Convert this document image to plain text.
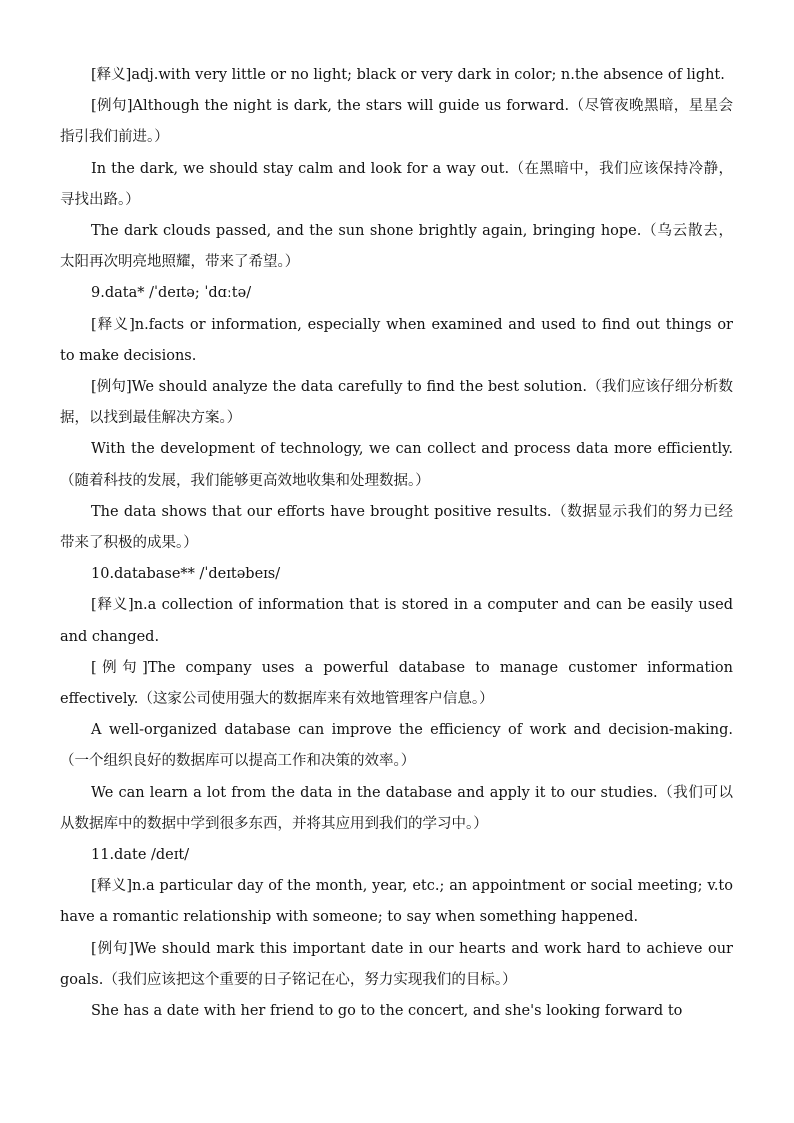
[释义]adj.with very little or no light; black or very dark in color; n.the absence of light.

[例句]Although the night is dark, the stars will guide us forward.（尽管夜晚黑暗，星星会指引我们前进。）

In the dark, we should stay calm and look for a way out.（在黑暗中，我们应该保持冷静，寻找出路。）

The dark clouds passed, and the sun shone brightly again, bringing hope.（乌云散去，太阳再次明亮地照耀，带来了希望。）

9.data* /ˈdeɪtə; ˈdɑːtə/

[释义]n.facts or information, especially when examined and used to find out things or to make decisions.

[例句]We should analyze the data carefully to find the best solution.（我们应该仔细分析数据，以找到最佳解决方案。）

With the development of technology, we can collect and process data more efficiently.（随着科技的发展，我们能够更高效地收集和处理数据。）

The data shows that our efforts have brought positive results.（数据显示我们的努力已经带来了积极的成果。）

10.database** /ˈdeɪtəbeɪs/

[释义]n.a collection of information that is stored in a computer and can be easily used and changed.

[例句]The company uses a powerful database to manage customer information effectively.（这家公司使用强大的数据库来有效地管理客户信息。）

A well-organized database can improve the efficiency of work and decision-making.（一个组织良好的数据库可以提高工作和决策的效率。）

We can learn a lot from the data in the database and apply it to our studies.（我们可以从数据库中的数据中学到很多东西，并将其应用到我们的学习中。）

11.date /deɪt/

[释义]n.a particular day of the month, year, etc.; an appointment or social meeting; v.to have a romantic relationship with someone; to say when something happened.

[例句]We should mark this important date in our hearts and work hard to achieve our goals.（我们应该把这个重要的日子铭记在心，努力实现我们的目标。）

She has a date with her friend to go to the concert, and she's looking forward to
